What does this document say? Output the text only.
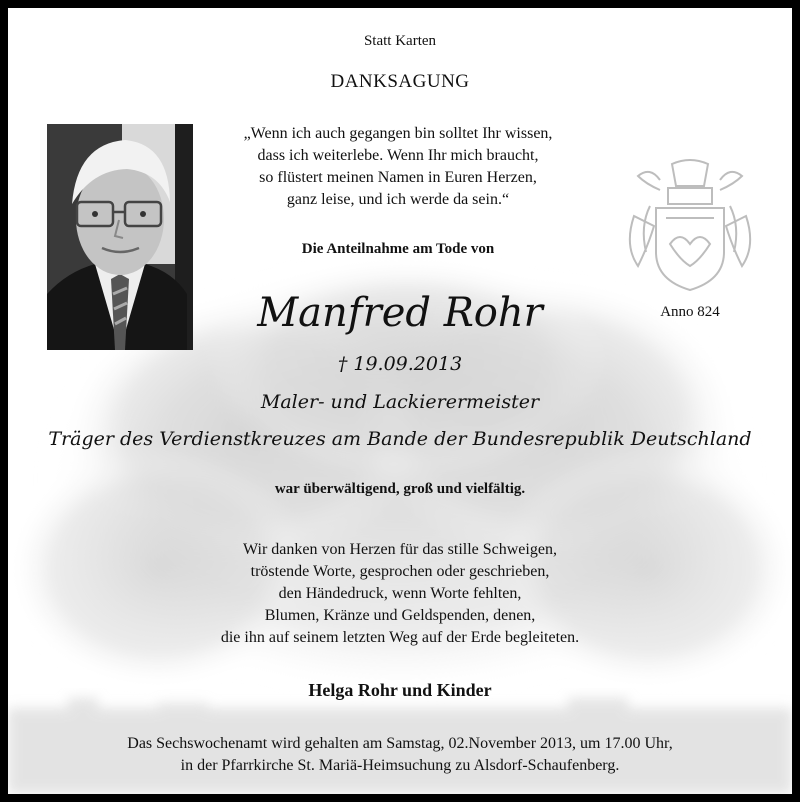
Statt Karten
DANKSAGUNG
„Wenn ich auch gegangen bin solltet Ihr wissen,
dass ich weiterlebe. Wenn Ihr mich braucht,
so flüstert meinen Namen in Euren Herzen,
ganz leise, und ich werde da sein.“
Die Anteilnahme am Tode von
Anno 824
Manfred Rohr
† 19.09.2013
Maler- und Lackierermeister
Träger des Verdienstkreuzes am Bande der Bundesrepublik Deutschland
war überwältigend, groß und vielfältig.
Wir danken von Herzen für das stille Schweigen,
tröstende Worte, gesprochen oder geschrieben,
den Händedruck, wenn Worte fehlten,
Blumen, Kränze und Geldspenden, denen,
die ihn auf seinem letzten Weg auf der Erde begleiteten.
Helga Rohr und Kinder
Das Sechswochenamt wird gehalten am Samstag, 02.November 2013, um 17.00 Uhr,
in der Pfarrkirche St. Mariä-Heimsuchung zu Alsdorf-Schaufenberg.
